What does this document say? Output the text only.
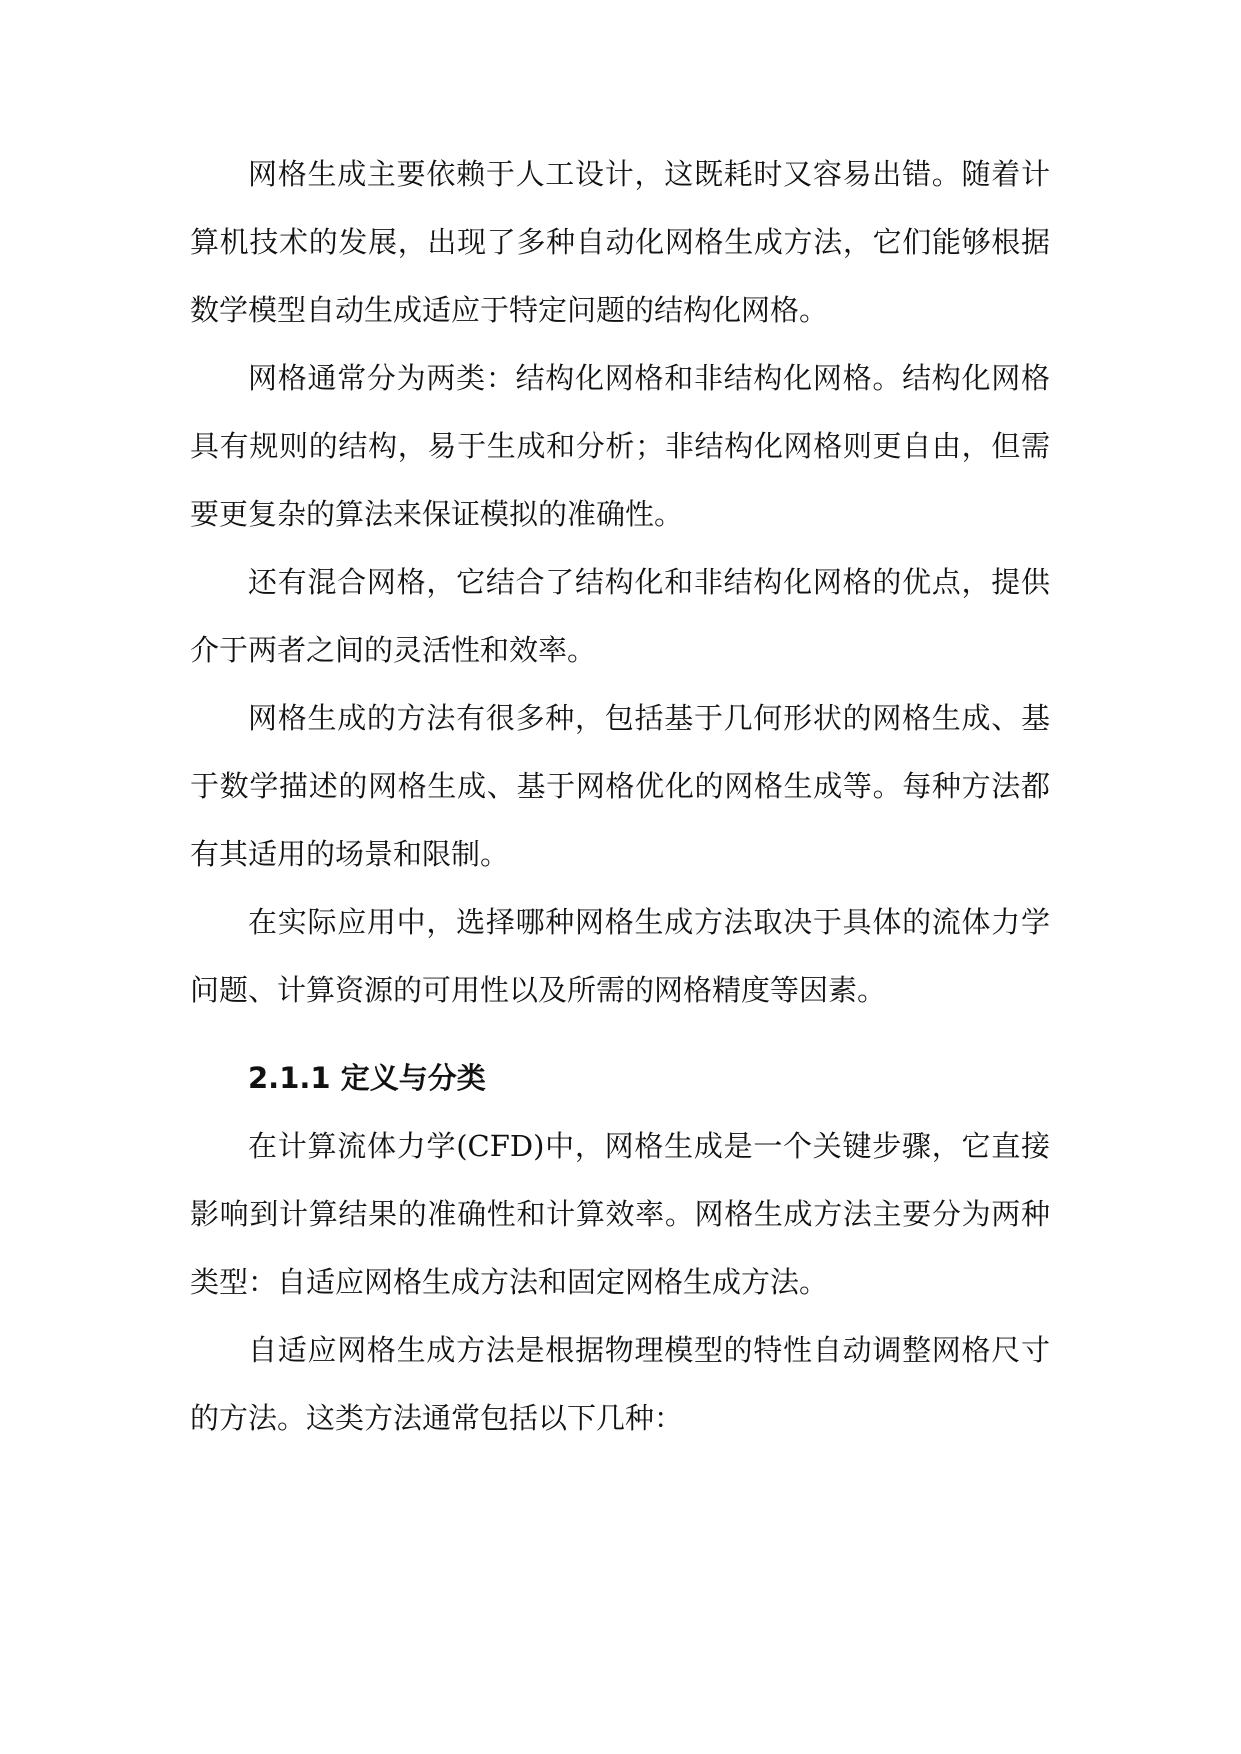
网格生成主要依赖于人工设计，这既耗时又容易出错。随着计算机技术的发展，出现了多种自动化网格生成方法，它们能够根据数学模型自动生成适应于特定问题的结构化网格。

网格通常分为两类：结构化网格和非结构化网格。结构化网格具有规则的结构，易于生成和分析；非结构化网格则更自由，但需要更复杂的算法来保证模拟的准确性。

还有混合网格，它结合了结构化和非结构化网格的优点，提供介于两者之间的灵活性和效率。

网格生成的方法有很多种，包括基于几何形状的网格生成、基于数学描述的网格生成、基于网格优化的网格生成等。每种方法都有其适用的场景和限制。

在实际应用中，选择哪种网格生成方法取决于具体的流体力学问题、计算资源的可用性以及所需的网格精度等因素。

2.1.1 定义与分类

在计算流体力学(CFD)中，网格生成是一个关键步骤，它直接影响到计算结果的准确性和计算效率。网格生成方法主要分为两种类型：自适应网格生成方法和固定网格生成方法。

自适应网格生成方法是根据物理模型的特性自动调整网格尺寸的方法。这类方法通常包括以下几种：
